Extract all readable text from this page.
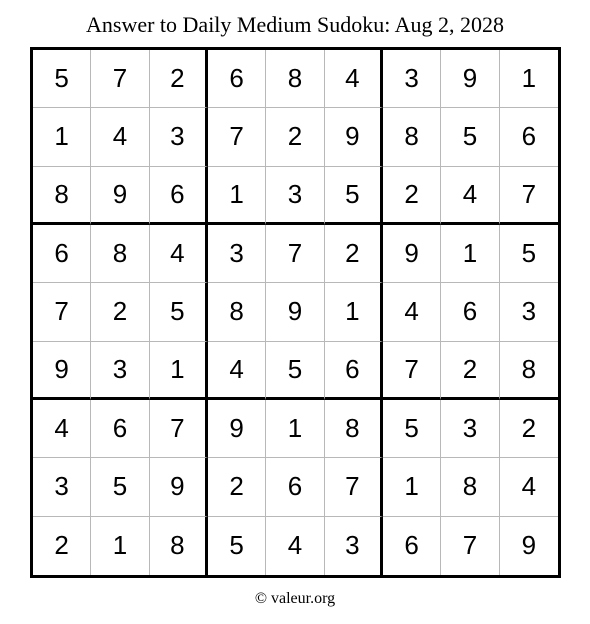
Answer to Daily Medium Sudoku: Aug 2, 2028
5	7	2	6	8	4	3	9	1
1	4	3	7	2	9	8	5	6
8	9	6	1	3	5	2	4	7
6	8	4	3	7	2	9	1	5
7	2	5	8	9	1	4	6	3
9	3	1	4	5	6	7	2	8
4	6	7	9	1	8	5	3	2
3	5	9	2	6	7	1	8	4
2	1	8	5	4	3	6	7	9
© valeur.org
